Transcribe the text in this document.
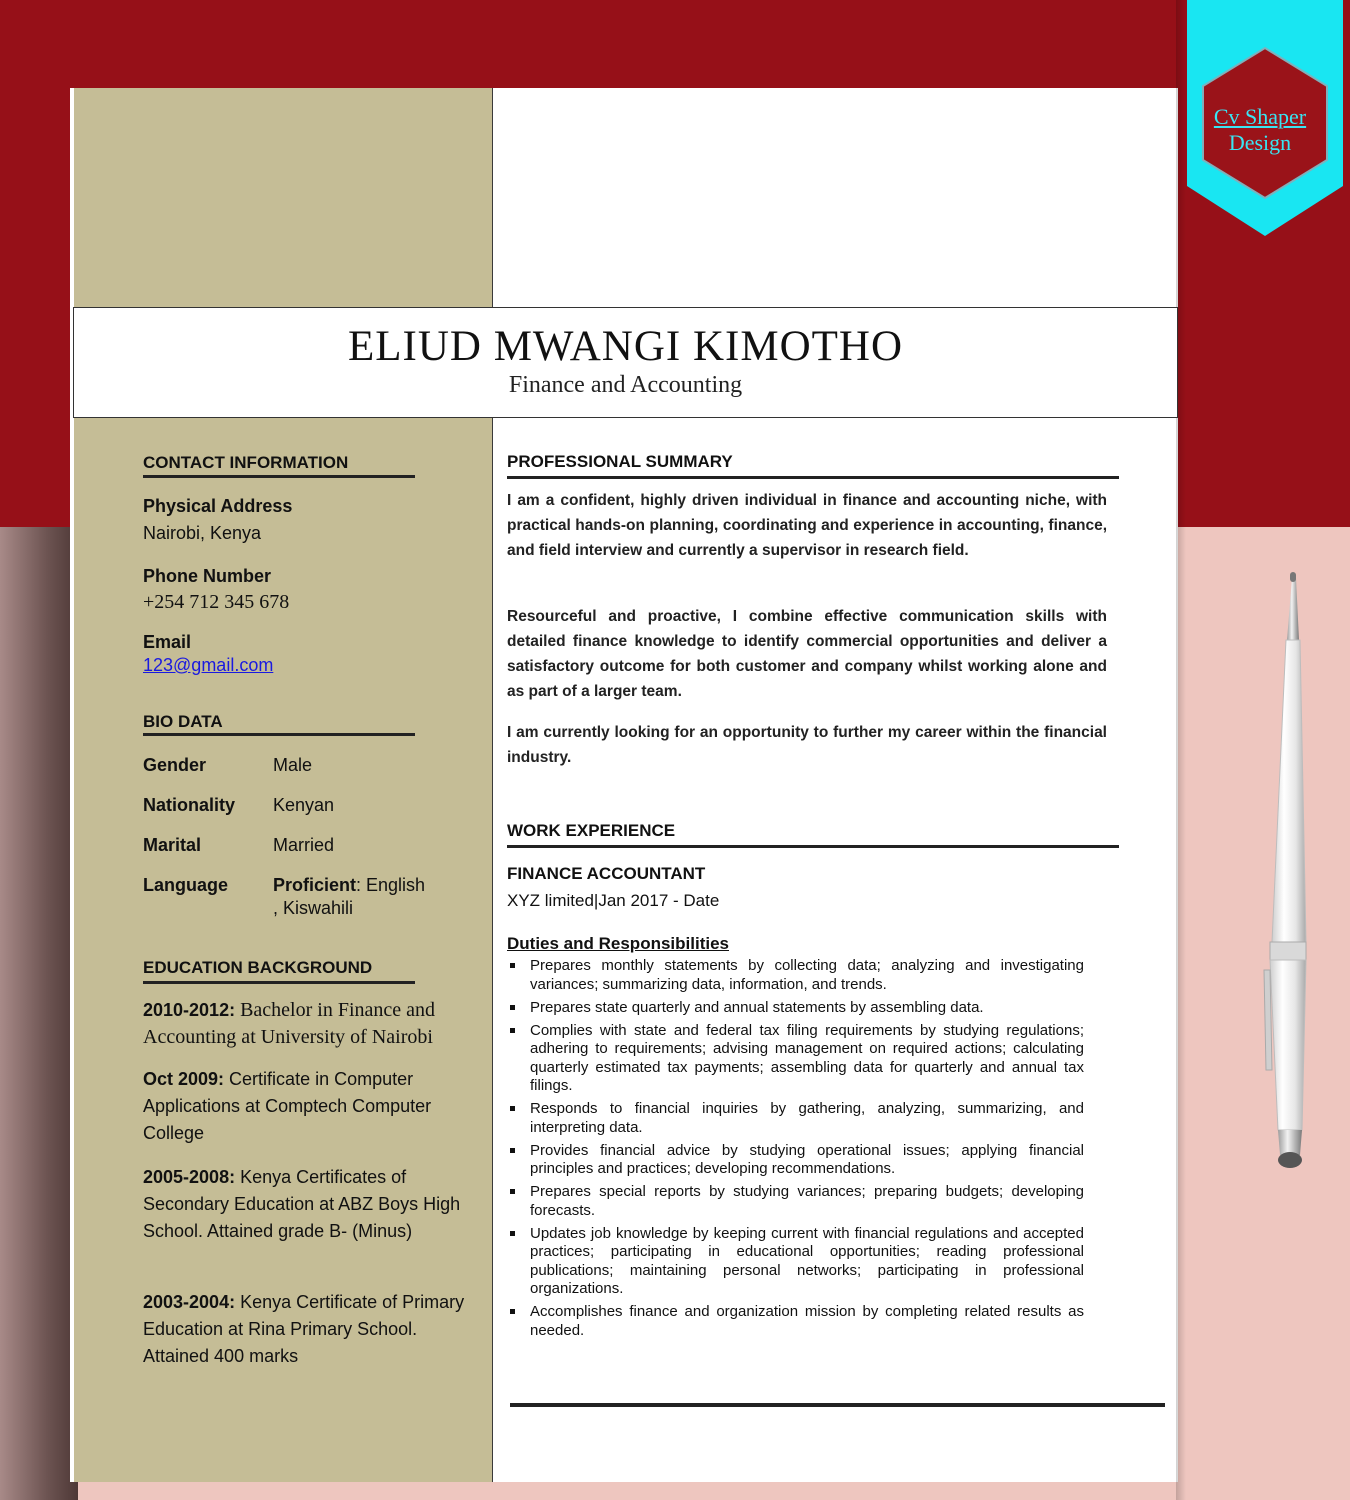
Cv Shaper
Design
ELIUD MWANGI KIMOTHO
Finance and Accounting
CONTACT INFORMATION
Physical Address
Nairobi, Kenya
Phone Number
+254 712 345 678
Email
123@gmail.com
BIO DATA
Gender	Male
Nationality Kenyan
Marital	Married
Language Proficient: English
, Kiswahili
EDUCATION BACKGROUND
2010-2012: Bachelor in Finance and Accounting at University of Nairobi
Oct 2009: Certificate in Computer Applications at Comptech Computer College
2005-2008: Kenya Certificates of Secondary Education at ABZ Boys High School. Attained grade B- (Minus)
2003-2004: Kenya Certificate of Primary Education at Rina Primary School. Attained 400 marks
PROFESSIONAL SUMMARY
I am a confident, highly driven individual in finance and accounting niche, with practical hands-on planning, coordinating and experience in accounting, finance, and field interview and currently a supervisor in research field.
Resourceful and proactive, I combine effective communication skills with detailed finance knowledge to identify commercial opportunities and deliver a satisfactory outcome for both customer and company whilst working alone and as part of a larger team.
I am currently looking for an opportunity to further my career within the financial industry.
WORK EXPERIENCE
FINANCE ACCOUNTANT
XYZ limited|Jan 2017 - Date
Duties and Responsibilities
Prepares monthly statements by collecting data; analyzing and investigating variances; summarizing data, information, and trends.
Prepares state quarterly and annual statements by assembling data.
Complies with state and federal tax filing requirements by studying regulations; adhering to requirements; advising management on required actions; calculating quarterly estimated tax payments; assembling data for quarterly and annual tax filings.
Responds to financial inquiries by gathering, analyzing, summarizing, and interpreting data.
Provides financial advice by studying operational issues; applying financial principles and practices; developing recommendations.
Prepares special reports by studying variances; preparing budgets; developing forecasts.
Updates job knowledge by keeping current with financial regulations and accepted practices; participating in educational opportunities; reading professional publications; maintaining personal networks; participating in professional organizations.
Accomplishes finance and organization mission by completing related results as needed.
